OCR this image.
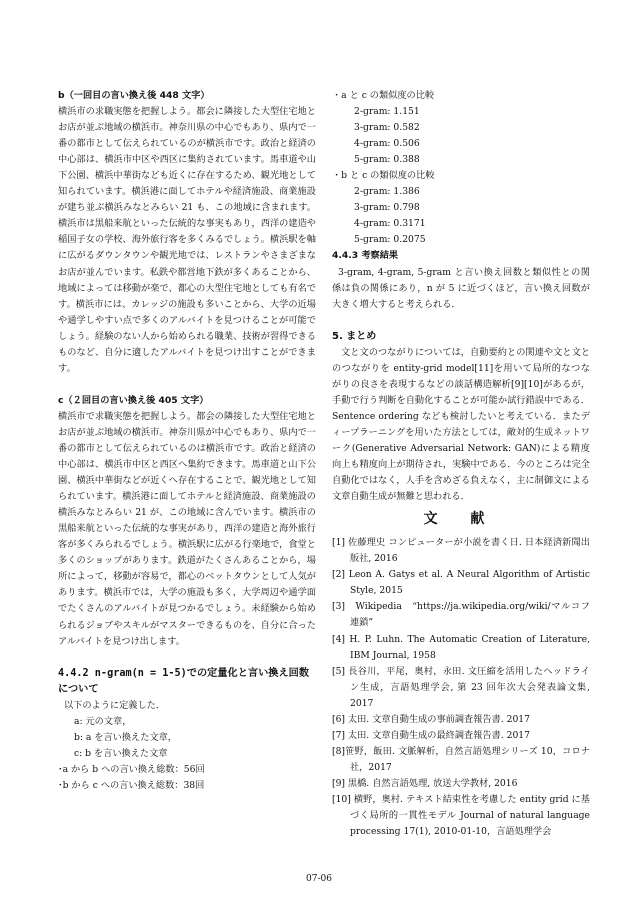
b（一回目の言い換え後 448 文字）

横浜市の求職実態を把握しよう。都会に隣接した大型住宅地とお店が並ぶ地域の横浜市。神奈川県の中心でもあり、県内で一番の都市として伝えられているのが横浜市です。政治と経済の中心部は、横浜市中区や西区に集約されています。馬車道や山下公園、横浜中華街なども近くに存在するため、観光地として知られています。横浜港に面してホテルや経済施設、商業施設が建ち並ぶ横浜みなとみらい 21 も、この地域に含まれます。横浜市は黒船来航といった伝統的な事実もあり，西洋の建造や稲国子女の学校、海外旅行客を多くみるでしょう。横浜駅を軸に広がるダウンタウンや観光地では、レストランやさまざまなお店が並んでいます。私鉄や都営地下鉄が多くあることから、地域によっては移動が楽で、都心の大型住宅地としても有名です。横浜市には、カレッジの施設も多いことから、大学の近場や通学しやすい点で多くのアルバイトを見つけることが可能でしょう。経験のない人から始められる職業、技術が習得できるものなど、自分に適したアルバイトを見つけ出すことができます。

c（２回目の言い換え後 405 文字）

横浜市で求職実態を把握しよう。都会の隣接した大型住宅地とお店が並ぶ地域の横浜市。神奈川県が中心でもあり、県内で一番の都市として伝えられているのは横浜市です。政治と経済の中心部は、横浜市中区と西区へ集約できます。馬車道と山下公園、横浜中華街などが近くへ存在することで、観光地として知られています。横浜港に面してホテルと経済施設、商業施設の横浜みなとみらい 21 が、この地域に含んでいます。横浜市の黒船来航といった伝統的な事実があり，西洋の建造と海外旅行客が多くみられるでしょう。横浜駅に広がる行楽地で，食堂と多くのショップがあります。鉄道がたくさんあることから，場所によって，移動が容易で，都心のベットタウンとして人気があります。横浜市では，大学の施設も多く，大学周辺や通学面でたくさんのアルバイトが見つかるでしょう。未経験から始められるジョブやスキルがマスターできるものを、自分に合ったアルバイトを見つけ出します。

4.4.2 n-gram(n = 1-5)での定量化と言い換え回数について

以下のように定義した．

a: 元の文章，

b: a を言い換えた文章，

c: b を言い換えた文章

･a から b への言い換え総数：56回

･b から c への言い換え総数：38回

・a と c の類似度の比較

2-gram: 1.151

3-gram: 0.582

4-gram: 0.506

5-gram: 0.388

・b と c の類似度の比較

2-gram: 1.386

3-gram: 0.798

4-gram: 0.3171

5-gram: 0.2075

4.4.3 考察結果

3-gram, 4-gram, 5-gram と言い換え回数と類似性との関係は負の関係にあり，n が 5 に近づくほど，言い換え回数が大きく増大すると考えられる．

5. まとめ

文と文のつながりについては，自動要約との関連や文と文とのつながりを entity-grid model[11]を用いて局所的なつながりの良さを表現するなどの談話構造解析[9][10]があるが，手動で行う判断を自動化することが可能か試行錯誤中である．Sentence ordering なども検討したいと考えている．またディープラーニングを用いた方法としては，敵対的生成ネットワーク(Generative Adversarial Network: GAN)による精度向上も精度向上が期待され，実験中である．今のところは完全自動化ではなく，人手を含めざる負えなく，主に制御文による文章自動生成が無難と思われる．

文 献

[1] 佐藤理史 コンピューターが小説を書く日. 日本経済新聞出版社, 2016

[2] Leon A. Gatys et al. A Neural Algorithm of Artistic Style, 2015

[3]　Wikipedia　“https://ja.wikipedia.org/wiki/マルコフ連鎖”

[4] H. P. Luhn. The Automatic Creation of Literature, IBM Journal, 1958

[5] 長谷川，平尾，奥村，永田. 文圧縮を活用したヘッドライン生成，言語処理学会, 第 23 回年次大会発表論文集, 2017

[6] 太田. 文章自動生成の事前調査報告書. 2017

[7] 太田. 文章自動生成の最終調査報告書. 2017

[8]笹野，飯田. 文脈解析，自然言語処理シリーズ 10，コロナ社，2017

[9] 黒橋. 自然言語処理, 放送大学教材, 2016

[10] 横野，奥村. テキスト結束性を考慮した entity grid に基づく局所的一貫性モデル Journal of natural language processing 17(1), 2010-01-10，言語処理学会

07-06
